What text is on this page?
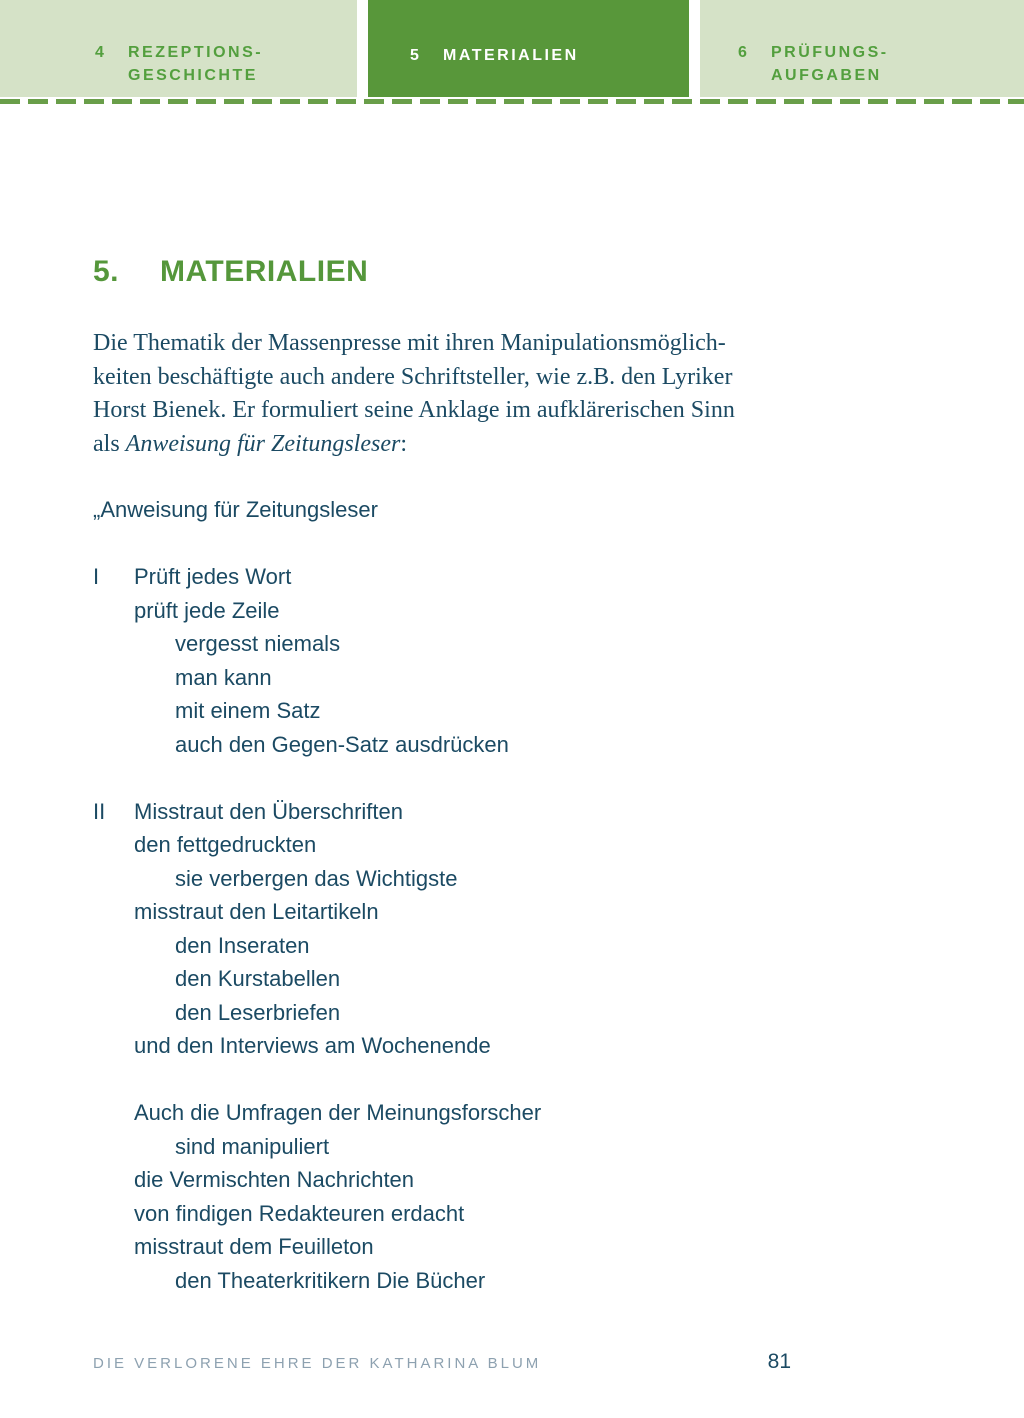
4 REZEPTIONS-
GESCHICHTE
5 MATERIALIEN	6 PRÜFUNGS-
AUFGABEN
5. MATERIALIEN
Die Thematik der Massenpresse mit ihren Manipulationsmöglich-
keiten beschäftigte auch andere Schriftsteller, wie z.B. den Lyriker
Horst Bienek. Er formuliert seine Anklage im aufklärerischen Sinn
als Anweisung für Zeitungsleser:
„Anweisung für Zeitungsleser
I Prüft jedes Wort
prüft jede Zeile
vergesst niemals
man kann
mit einem Satz
auch den Gegen-Satz ausdrücken
II Misstraut den Überschriften
den fettgedruckten
sie verbergen das Wichtigste
misstraut den Leitartikeln
den Inseraten
den Kurstabellen
den Leserbriefen
und den Interviews am Wochenende
Auch die Umfragen der Meinungsforscher
sind manipuliert
die Vermischten Nachrichten
von findigen Redakteuren erdacht
misstraut dem Feuilleton
den Theaterkritikern Die Bücher
DIE VERLORENE EHRE DER KATHARINA BLUM	81
